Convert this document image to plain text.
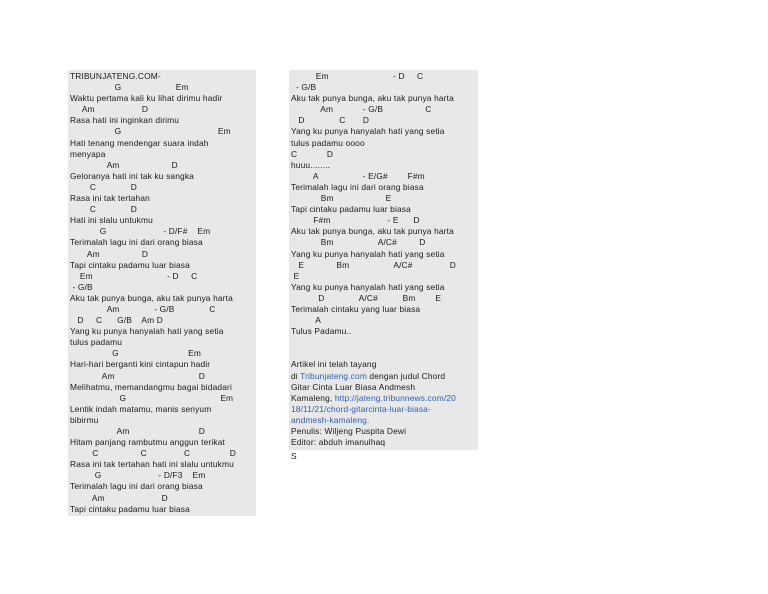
TRIBUNJATENG.COM-
G                      Em
Waktu pertama kali ku lihat dirimu hadir
Am                   D
Rasa hati ini inginkan dirimu
G                                       Em
Hati tenang mendengar suara indah
menyapa
Am                     D
Geloranya hati ini tak ku sangka
C              D
Rasa ini tak tertahan
C              D
Hati ini slalu untukmu
G                       - D/F#    Em
Terimalah lagu ini dari orang biasa
Am                 D
Tapi cintaku padamu luar biasa
Em                              - D     C
- G/B
Aku tak punya bunga, aku tak punya harta
Am              - G/B              C
D     C      G/B    Am D
Yang ku punya hanyalah hati yang setia
tulus padamu
G                            Em
Hari-hari berganti kini cintapun hadir
Am                                  D
Melihatmu, memandangmu bagai bidadari
G                                      Em
Lentik indah matamu, manis senyum
bibirmu
Am                            D
Hitam panjang rambutmu anggun terikat
C                 C               C                D
Rasa ini tak tertahan hati ini slalu untukmu
G                       - D/F3    Em
Terimalah lagu ini dari orang biasa
Am                       D
Tapi cintaku padamu luar biasa
Em                          - D     C
- G/B
Aku tak punya bunga, aku tak punya harta
Am            - G/B                 C
D              C       D
Yang ku punya hanyalah hati yang setia
tulus padamu oooo
C            D
huuu........
A                  - E/G#        F#m
Terimalah lagu ini dari orang biasa
Bm                     E
Tapi cintaku padamu luar biasa
F#m                       - E      D
Aku tak punya bunga, aku tak punya harta
Bm                  A/C#         D
Yang ku punya hanyalah hati yang setia
E             Bm                  A/C#               D
E
Yang ku punya hanyalah hati yang setia
D              A/C#          Bm        E
Terimalah cintaku yang luar biasa
A
Tulus Padamu..
Artikel ini telah tayang
di Tribunjateng.com dengan judul Chord
Gitar Cinta Luar Biasa Andmesh
Kamaleng, http://jateng.tribunnews.com/20
18/11/21/chord-gitarcinta-luar-biasa-
andmesh-kamaleng.
Penulis: Wiljeng Puspita Dewi
Editor: abduh imanulhaq
S
